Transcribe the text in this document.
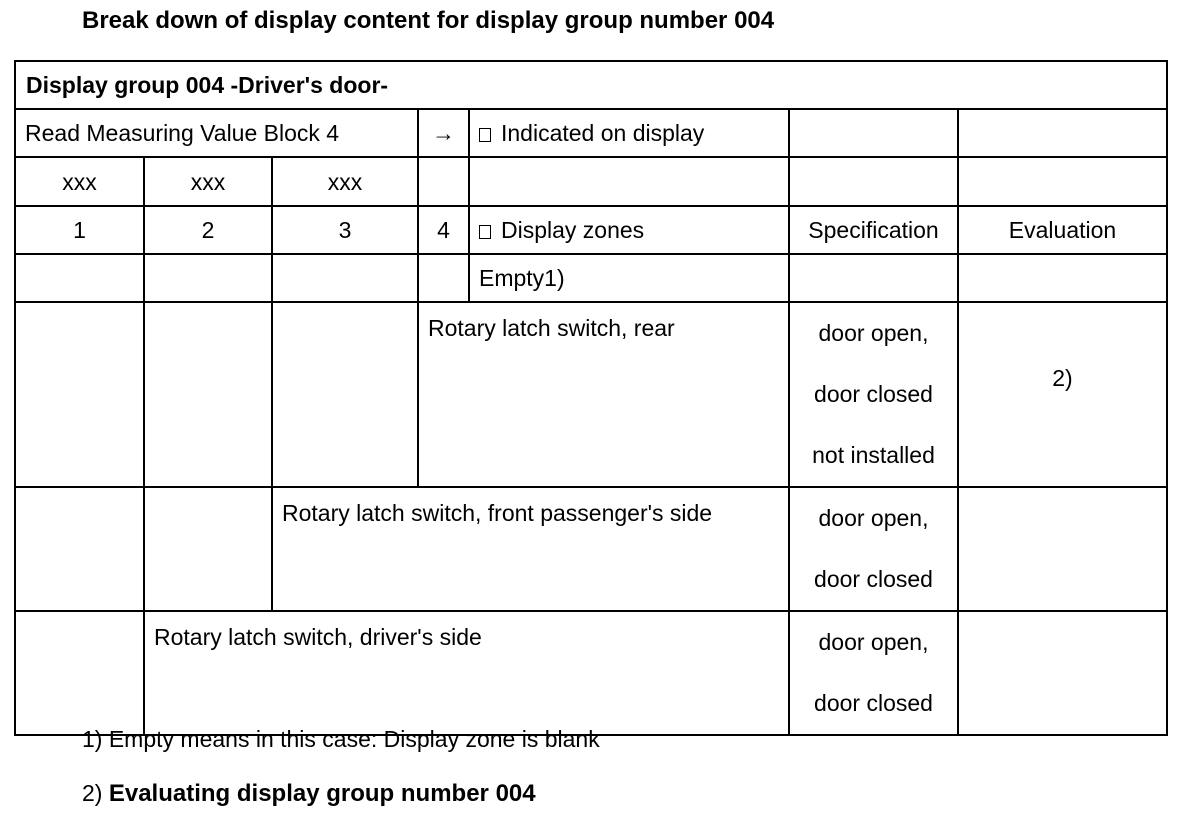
Break down of display content for display group number 004
Display group 004 -Driver's door-						
Read Measuring Value Block 4			→	Indicated on display		
xxx	xxx	xxx				
1	2	3	4	Display zones	Specification	Evaluation
				Empty1)		
			Rotary latch switch, rear		door open,
door closed
not installed	2)
		Rotary latch switch, front passenger's side			door open,
door closed	

	Rotary latch switch, driver's side				door open,
door closed	

1) Empty means in this case: Display zone is blank
2) Evaluating display group number 004
